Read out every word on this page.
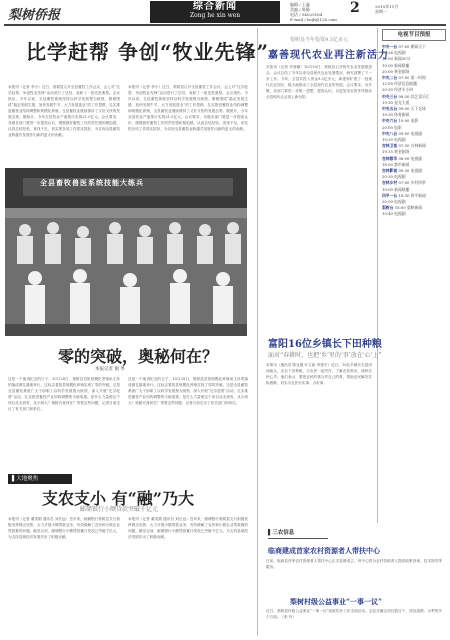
梨树侨报
综合新闻
Zong he xin wen
编辑 / 王鑫
美编 / 陈静
电话 / 54025164
E-mail / lsqb@126.com
2	2010年11月
星期一
比学赶帮 争创“牧业先锋”
本报讯（记者 李小）近日，梨树县召开全县畜牧工作会议，会上对“比学赶帮、争创牧业先锋”活动进行了总结，表彰了一批先进典型。会议指出，今年以来，全县畜牧系统坚持以科学发展观为统领，紧紧围绕“稳定发展生猪、加快发展牛羊、大力发展禽业”的工作思路，扎实推进畜牧业结构调整和规模化养殖，全县畜牧业继续保持了又好又快的发展态势。据统计，今年全县牧业产值预计实现21.5亿元。会议要求，各级各部门要进一步提高认识，增强做好畜牧工作的责任感和紧迫感，认真总结经验，查找不足，切实把各项工作抓实抓好，为实现全县畜牧业跨越式发展作出新的更大的贡献。
本报讯（记者 李小）近日，梨树县召开全县畜牧工作会议，会上对“比学赶帮、争创牧业先锋”活动进行了总结，表彰了一批先进典型。会议指出，今年以来，全县畜牧系统坚持以科学发展观为统领，紧紧围绕“稳定发展生猪、加快发展牛羊、大力发展禽业”的工作思路，扎实推进畜牧业结构调整和规模化养殖，全县畜牧业继续保持了又好又快的发展态势。据统计，今年全县牧业产值预计实现21.5亿元。会议要求，各级各部门要进一步提高认识，增强做好畜牧工作的责任感和紧迫感，认真总结经验，查找不足，切实把各项工作抓实抓好，为实现全县畜牧业跨越式发展作出新的更大的贡献。
全县畜牧兽医系统技能大练兵
零的突破，奥秘何在？
本报记者 谢 季
这是一个值得纪念的日子，10月28日，梨树县首批规模化养殖场主体的落成典礼隆重举行。这标志着我县规模化养殖实现了零的突破。这是全县畜牧系统广大干部职工以科学发展观为统领，深入开展“比学赶帮”活动，扎实推进畜牧产业结构调整的丰硕成果。是什么力量使这个项目从无到有，从小到大？奥秘究竟何在？带着这些问题，记者日前走访了有关部门和单位。
这是一个值得纪念的日子，10月28日，梨树县首批规模化养殖场主体的落成典礼隆重举行。这标志着我县规模化养殖实现了零的突破。这是全县畜牧系统广大干部职工以科学发展观为统领，深入开展“比学赶帮”活动，扎实推进畜牧产业结构调整的丰硕成果。是什么力量使这个项目从无到有，从小到大？奥秘究竟何在？带着这些问题，记者日前走访了有关部门和单位。
▌大地聚焦
支农支小 有“融”乃大
邮储银行小额贷款突破千亿元
本报讯（记者 董美娟 通讯员 刘长远）近年来，邮储银行梨树县支行积极发挥网点优势，大力开展小额贷款业务，有效缓解了农民和小微企业贷款难的问题。截至目前，邮储银行小额贷款累计发放已突破千亿元，为支持县域经济发展作出了积极贡献。
本报讯（记者 董美娟 通讯员 刘长远）近年来，邮储银行梨树县支行积极发挥网点优势，大力开展小额贷款业务，有效缓解了农民和小微企业贷款难的问题。截至目前，邮储银行小额贷款累计发放已突破千亿元，为支持县域经济发展作出了积极贡献。
梨树县今年投资9.3亿多元
嘉善现代农业再注新活力
本报讯（记者 李寒娜）10月30日，梨树县召开现代农业发展推进会。会议总结了今年以来全县现代农业发展情况，研究部署了下一步工作。今年，全县共投入资金9.3亿多元，新建和扩建了一批现代农业园区，极大地推动了全县现代农业的发展。会议要求，各乡镇、各部门要进一步统一思想，提高认识，以更加务实的作风推动全县现代农业再上新台阶。
富阳16位乡镇长下田种粮
面对“春耕时、也把‘乡’里的‘事’放在‘心’上”
本报讯（通讯员 陈克刚 叶立新 李建平）近日，16位乡镇长走进田间地头，亲自下田种粮，与农民一起劳作，了解农民需求，倾听农民心声。他们表示，要把农民的事当作自己的事，帮助农民解决实际困难，切实为农民办实事、办好事。
电视节目预报
中央一台 07:00 朝闻天下
09:26 电视剧
12:00 新闻30分
19:00 新闻联播
20:00 黄金剧场
中央二台 07:00 第一时间
12:00 经济信息联播
20:30 经济半小时
中央三台 08:30 综艺喜乐汇
19:30 星光大道
中央五台 09:00 天下足球
19:30 体育新闻
中央六台 10:00 电影
20:00 电影
中央八台 09:00 电视剧
19:30 电视剧
吉林卫视 07:30 吉林新闻
19:35 黄金剧场
吉林都市 08:00 电视剧
18:00 都市新闻
吉林影视 09:30 电视剧
20:30 电视剧
吉林乡村 07:00 乡村四季
19:00 新闻联播
四平一台 18:30 四平新闻
20:00 电视剧
梨树台 18:00 梨树新闻
19:40 电视剧
▌三农信息
临商建成首家农村资源者人带扶中心
日前，临商县首家农村资源者人帮扶中心正式挂牌成立。该中心将为农村资源者人提供政策咨询、技术指导等服务。
梨树村级公益事业“一事一议”
近日，梨树县村级公益事业“一事一议”财政奖补工作全面启动。全县共确定项目数百个，涉及道路、水利等多个方面。（张 玲）
